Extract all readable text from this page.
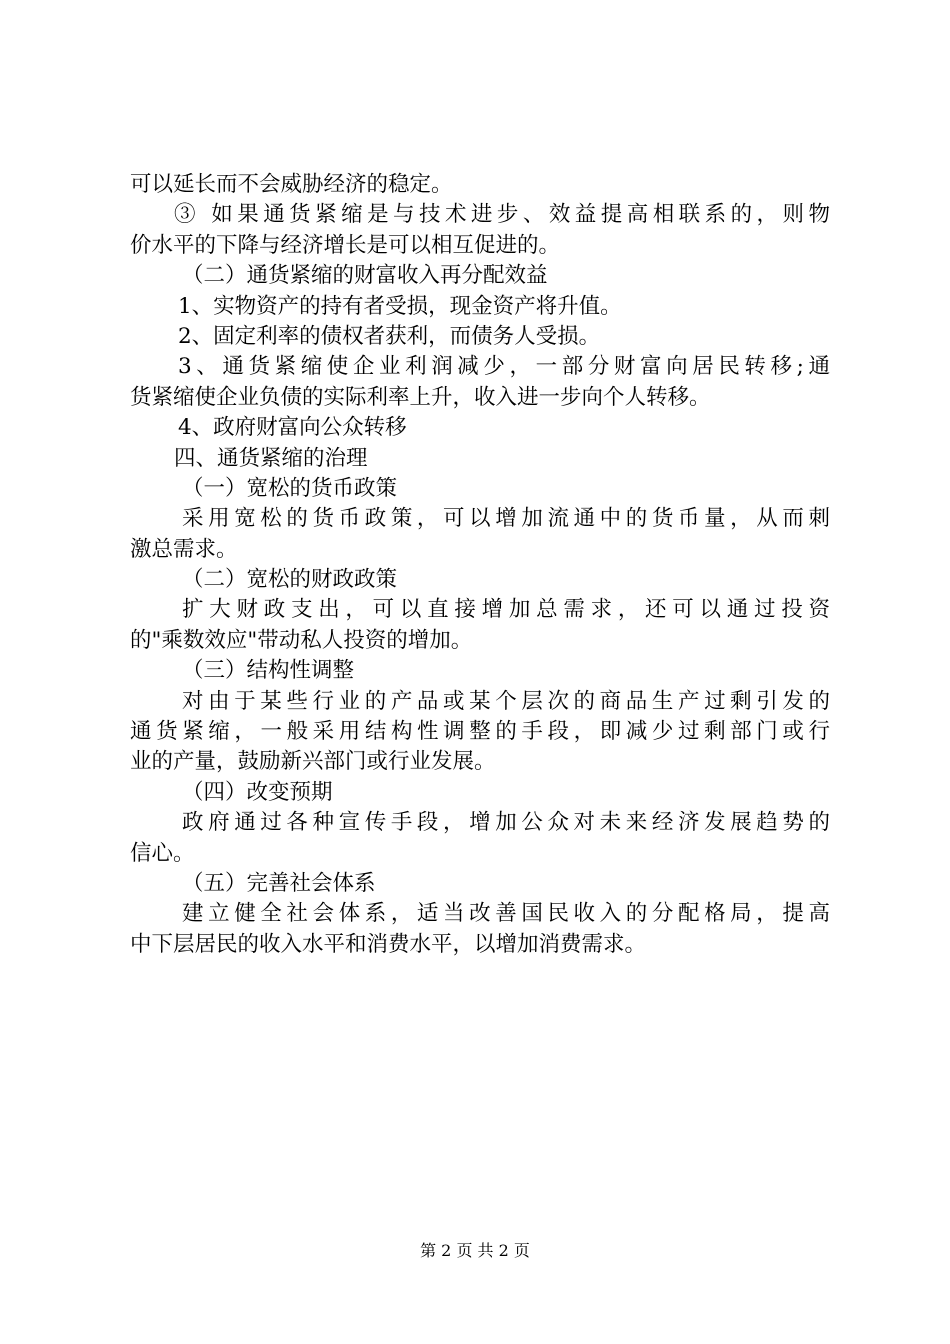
可以延长而不会威胁经济的稳定。
③ 如果通货紧缩是与技术进步、效益提高相联系的，则物
价水平的下降与经济增长是可以相互促进的。
（二）通货紧缩的财富收入再分配效益
1、实物资产的持有者受损，现金资产将升值。
2、固定利率的债权者获利，而债务人受损。
3、通货紧缩使企业利润减少，一部分财富向居民转移;通
货紧缩使企业负债的实际利率上升，收入进一步向个人转移。
4、政府财富向公众转移
四、通货紧缩的治理
（一）宽松的货币政策
采用宽松的货币政策，可以增加流通中的货币量，从而刺
激总需求。
（二）宽松的财政政策
扩大财政支出，可以直接增加总需求，还可以通过投资
的"乘数效应"带动私人投资的增加。
（三）结构性调整
对由于某些行业的产品或某个层次的商品生产过剩引发的
通货紧缩，一般采用结构性调整的手段，即减少过剩部门或行
业的产量，鼓励新兴部门或行业发展。
（四）改变预期
政府通过各种宣传手段，增加公众对未来经济发展趋势的
信心。
（五）完善社会体系
建立健全社会体系，适当改善国民收入的分配格局，提高
中下层居民的收入水平和消费水平，以增加消费需求。
第 2 页 共 2 页
